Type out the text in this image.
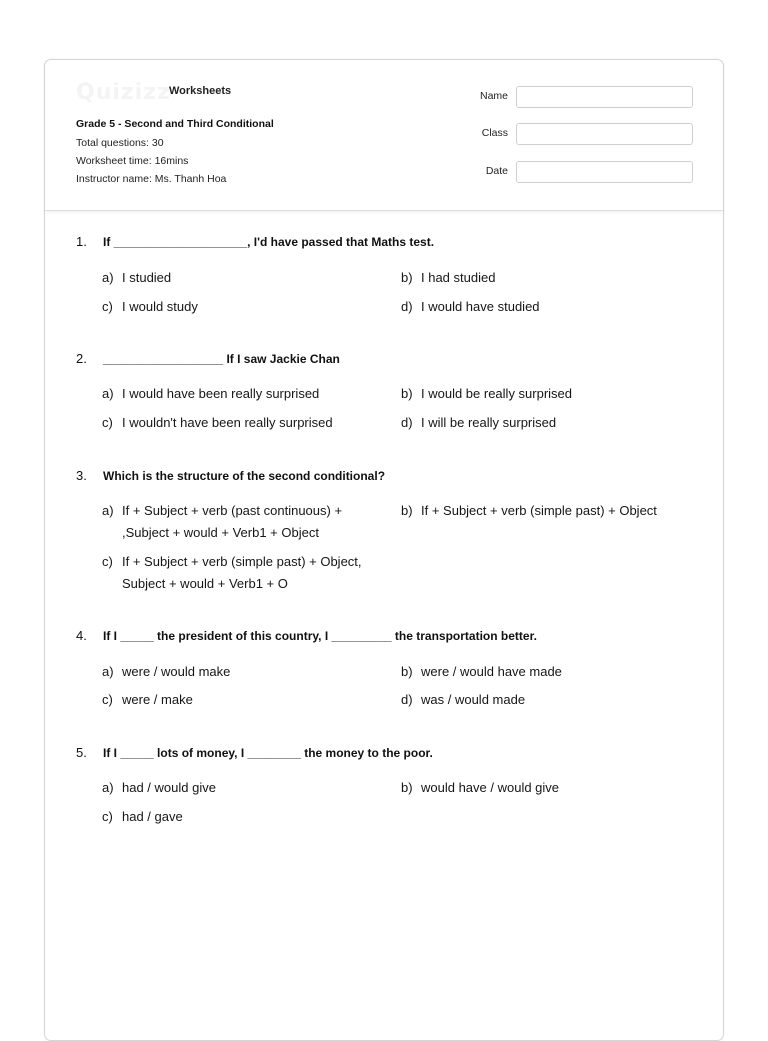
Quizizz
Worksheets
Grade 5 - Second and Third Conditional
Total questions: 30
Worksheet time: 16mins
Instructor name: Ms. Thanh Hoa
Name
Class
Date
1. If ____________________, I'd have passed that Maths test.
a) I studied	b) I had studied
c) I would study	d) I would have studied
2. __________________ If I saw Jackie Chan
a) I would have been really surprised	b) I would be really surprised
c) I wouldn't have been really surprised	d) I will be really surprised
3. Which is the structure of the second conditional?
a) If + Subject + verb (past continuous) +
,Subject + would + Verb1 + Object
b) If + Subject + verb (simple past) + Object
c) If + Subject + verb (simple past) + Object,
Subject + would + Verb1 + O
4. If I _____ the president of this country, I _________ the transportation better.
a) were / would make	b) were / would have made
c) were / make	d) was / would made
5. If I _____ lots of money, I ________ the money to the poor.
a) had / would give	b) would have / would give
c) had / gave
